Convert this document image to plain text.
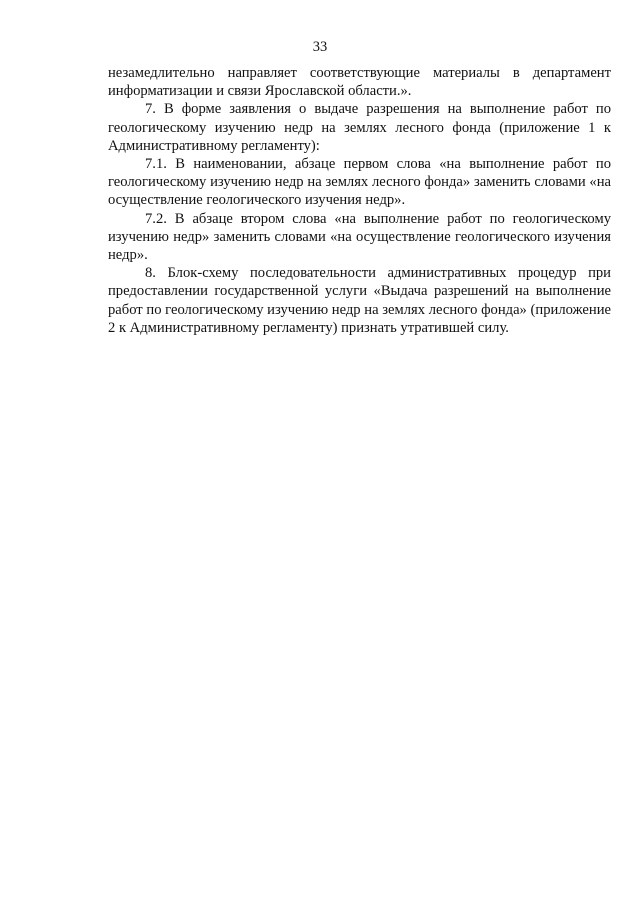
33

незамедлительно направляет соответствующие материалы в департамент информатизации и связи Ярославской области.».

7. В форме заявления о выдаче разрешения на выполнение работ по геологическому изучению недр на землях лесного фонда (приложение 1 к Административному регламенту):

7.1. В наименовании, абзаце первом слова «на выполнение работ по геологическому изучению недр на землях лесного фонда» заменить словами «на осуществление геологического изучения недр».

7.2. В абзаце втором слова «на выполнение работ по геологическому изучению недр» заменить словами «на осуществление геологического изучения недр».

8. Блок-схему последовательности административных процедур при предоставлении государственной услуги «Выдача разрешений на выполнение работ по геологическому изучению недр на землях лесного фонда» (приложение 2 к Административному регламенту) признать утратившей силу.
